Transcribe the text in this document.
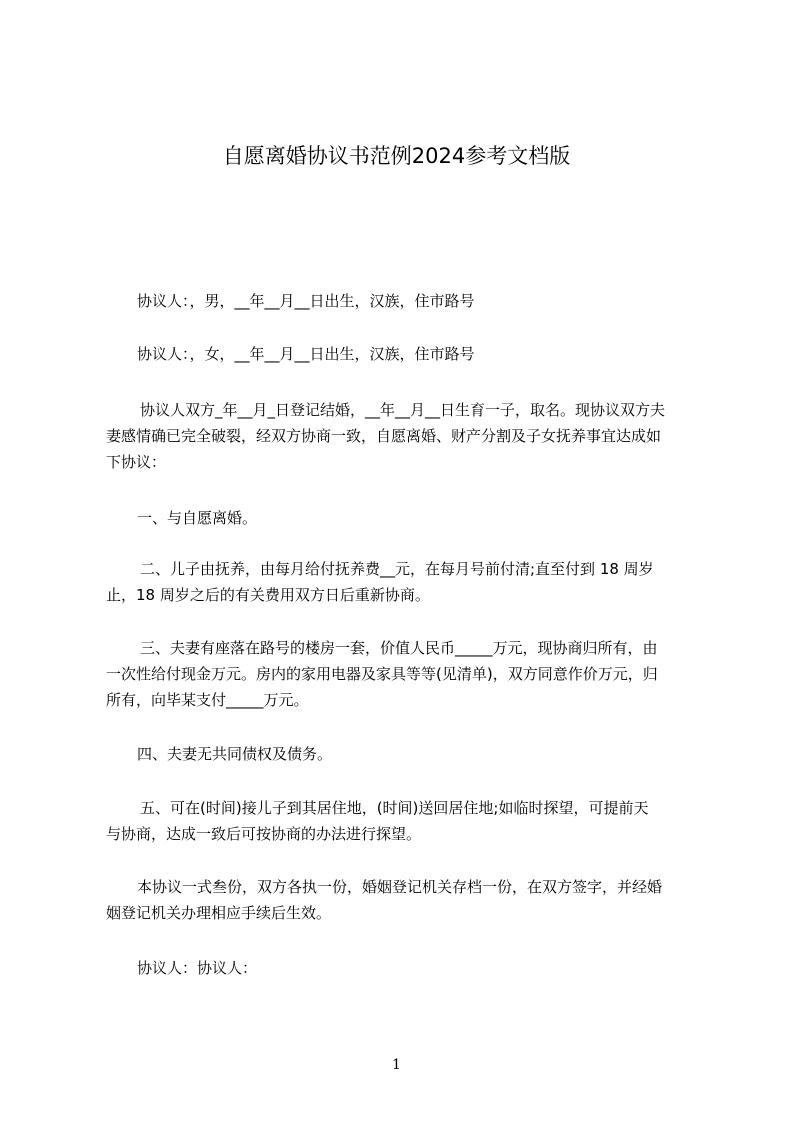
自愿离婚协议书范例2024参考文档版
协议人：，男，__年__月__日出生，汉族，住市路号
协议人：，女，__年__月__日出生，汉族，住市路号
协议人双方_年__月_日登记结婚，__年__月__日生育一子，取名。现协议双方夫
妻感情确已完全破裂，经双方协商一致，自愿离婚、财产分割及子女抚养事宜达成如
下协议：
一、与自愿离婚。
二、儿子由抚养，由每月给付抚养费__元，在每月号前付清;直至付到 18 周岁
止，18 周岁之后的有关费用双方日后重新协商。
三、夫妻有座落在路号的楼房一套，价值人民币_____万元，现协商归所有，由
一次性给付现金万元。房内的家用电器及家具等等(见清单)，双方同意作价万元，归
所有，向毕某支付_____万元。
四、夫妻无共同债权及债务。
五、可在(时间)接儿子到其居住地，(时间)送回居住地;如临时探望，可提前天
与协商，达成一致后可按协商的办法进行探望。
本协议一式叁份，双方各执一份，婚姻登记机关存档一份，在双方签字，并经婚
姻登记机关办理相应手续后生效。
协议人：协议人：
1
